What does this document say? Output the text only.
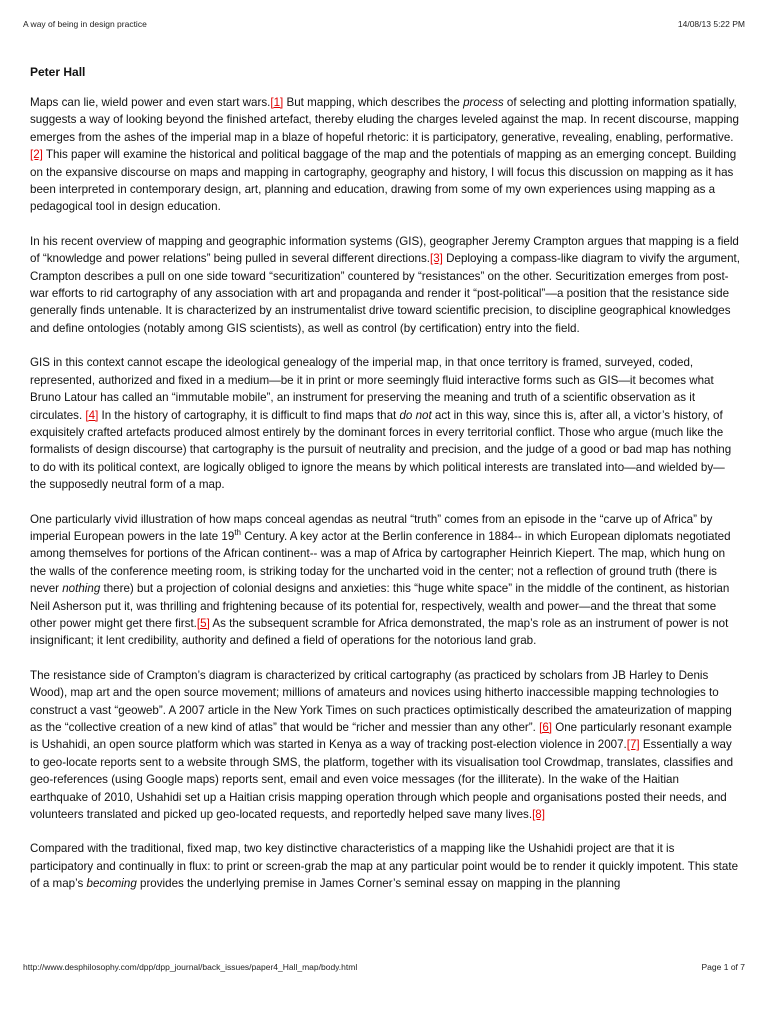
A way of being in design practice	14/08/13 5:22 PM
Peter Hall

Maps can lie, wield power and even start wars.[1] But mapping, which describes the process of selecting and plotting information spatially, suggests a way of looking beyond the finished artefact, thereby eluding the charges leveled against the map. In recent discourse, mapping emerges from the ashes of the imperial map in a blaze of hopeful rhetoric: it is participatory, generative, revealing, enabling, performative.[2] This paper will examine the historical and political baggage of the map and the potentials of mapping as an emerging concept. Building on the expansive discourse on maps and mapping in cartography, geography and history, I will focus this discussion on mapping as it has been interpreted in contemporary design, art, planning and education, drawing from some of my own experiences using mapping as a pedagogical tool in design education.

In his recent overview of mapping and geographic information systems (GIS), geographer Jeremy Crampton argues that mapping is a field of “knowledge and power relations” being pulled in several different directions.[3] Deploying a compass-like diagram to vivify the argument, Crampton describes a pull on one side toward “securitization” countered by “resistances” on the other. Securitization emerges from post-war efforts to rid cartography of any association with art and propaganda and render it “post-political”—a position that the resistance side generally finds untenable. It is characterized by an instrumentalist drive toward scientific precision, to discipline geographical knowledges and define ontologies (notably among GIS scientists), as well as control (by certification) entry into the field.

GIS in this context cannot escape the ideological genealogy of the imperial map, in that once territory is framed, surveyed, coded, represented, authorized and fixed in a medium—be it in print or more seemingly fluid interactive forms such as GIS—it becomes what Bruno Latour has called an “immutable mobile”, an instrument for preserving the meaning and truth of a scientific observation as it circulates. [4] In the history of cartography, it is difficult to find maps that do not act in this way, since this is, after all, a victor’s history, of exquisitely crafted artefacts produced almost entirely by the dominant forces in every territorial conflict. Those who argue (much like the formalists of design discourse) that cartography is the pursuit of neutrality and precision, and the judge of a good or bad map has nothing to do with its political context, are logically obliged to ignore the means by which political interests are translated into—and wielded by—the supposedly neutral form of a map.

One particularly vivid illustration of how maps conceal agendas as neutral “truth” comes from an episode in the “carve up of Africa” by imperial European powers in the late 19th Century. A key actor at the Berlin conference in 1884-- in which European diplomats negotiated among themselves for portions of the African continent-- was a map of Africa by cartographer Heinrich Kiepert. The map, which hung on the walls of the conference meeting room, is striking today for the uncharted void in the center; not a reflection of ground truth (there is never nothing there) but a projection of colonial designs and anxieties: this “huge white space” in the middle of the continent, as historian Neil Asherson put it, was thrilling and frightening because of its potential for, respectively, wealth and power—and the threat that some other power might get there first.[5] As the subsequent scramble for Africa demonstrated, the map’s role as an instrument of power is not insignificant; it lent credibility, authority and defined a field of operations for the notorious land grab.

The resistance side of Crampton’s diagram is characterized by critical cartography (as practiced by scholars from JB Harley to Denis Wood), map art and the open source movement; millions of amateurs and novices using hitherto inaccessible mapping technologies to construct a vast “geoweb”. A 2007 article in the New York Times on such practices optimistically described the amateurization of mapping as the “collective creation of a new kind of atlas” that would be “richer and messier than any other”. [6] One particularly resonant example is Ushahidi, an open source platform which was started in Kenya as a way of tracking post-election violence in 2007.[7] Essentially a way to geo-locate reports sent to a website through SMS, the platform, together with its visualisation tool Crowdmap, translates, classifies and geo-references (using Google maps) reports sent, email and even voice messages (for the illiterate). In the wake of the Haitian earthquake of 2010, Ushahidi set up a Haitian crisis mapping operation through which people and organisations posted their needs, and volunteers translated and picked up geo-located requests, and reportedly helped save many lives.[8]

Compared with the traditional, fixed map, two key distinctive characteristics of a mapping like the Ushahidi project are that it is participatory and continually in flux: to print or screen-grab the map at any particular point would be to render it quickly impotent. This state of a map’s becoming provides the underlying premise in James Corner’s seminal essay on mapping in the planning

http://www.desphilosophy.com/dpp/dpp_journal/back_issues/paper4_Hall_map/body.html	Page 1 of 7
